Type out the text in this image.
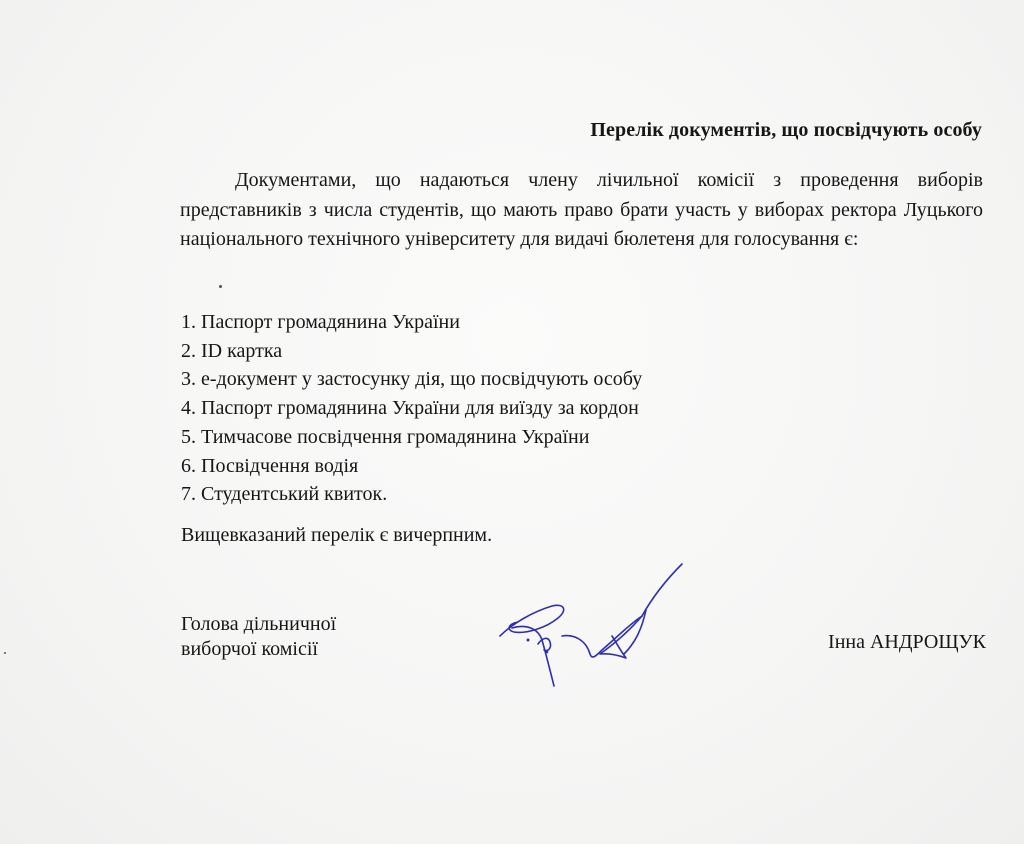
Перелік документів, що посвідчують особу

Документами, що надаються члену лічильної комісії з проведення виборів представників з числа студентів, що мають право брати участь у виборах ректора Луцького національного технічного університету для видачі бюлетеня для голосування є:

1. Паспорт громадянина України
2. ID картка
3. е-документ у застосунку дія, що посвідчують особу
4. Паспорт громадянина України для виїзду за кордон
5. Тимчасове посвідчення громадянина України
6. Посвідчення водія
7. Студентський квиток.

Вищевказаний перелік є вичерпним.

Голова дільничної
виборчої комісії	Інна АНДРОЩУК
